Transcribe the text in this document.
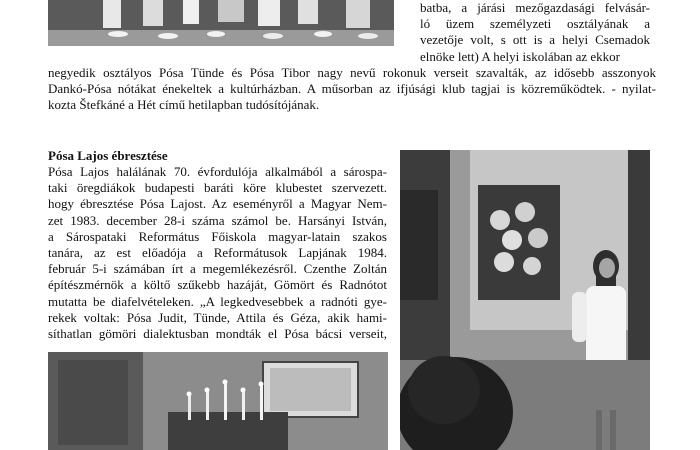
batba, a járási mezőgazdasági felvásár-
ló üzem személyzeti osztályának a
vezetője volt, s ott is a helyi Csemadok
elnöke lett) A helyi iskolában az ekkor
negyedik osztályos Pósa Tünde és Pósa Tibor nagy nevű rokonuk verseit szavalták, az idősebb asszonyok
Dankó-Pósa nótákat énekeltek a kultúrházban. A műsorban az ifjúsági klub tagjai is közreműködtek. - nyilat-
kozta Štefkáné a Hét című hetilapban tudósítójának.
Pósa Lajos ébresztése
Pósa Lajos halálának 70. évfordulója alkalmából a sárospa-
taki öregdiákok budapesti baráti köre klubestet szervezett.
hogy ébresztése Pósa Lajost. Az eseményről a Magyar Nem-
zet 1983. december 28-i száma számol be. Harsányi István,
a Sárospataki Református Főiskola magyar-latain szakos
tanára, az est előadója a Reformátusok Lapjának 1984.
február 5-i számában írt a megemlékezésről. Czenthe Zoltán
építészmérnök a költő szűkebb hazáját, Gömört és Radnótot
mutatta be diafelvételeken. „A legkedvesebbek a radnóti gye-
rekek voltak: Pósa Judit, Tünde, Attila és Géza, akik hami-
síthatlan gömöri dialektusban mondták el Pósa bácsi verseit,
